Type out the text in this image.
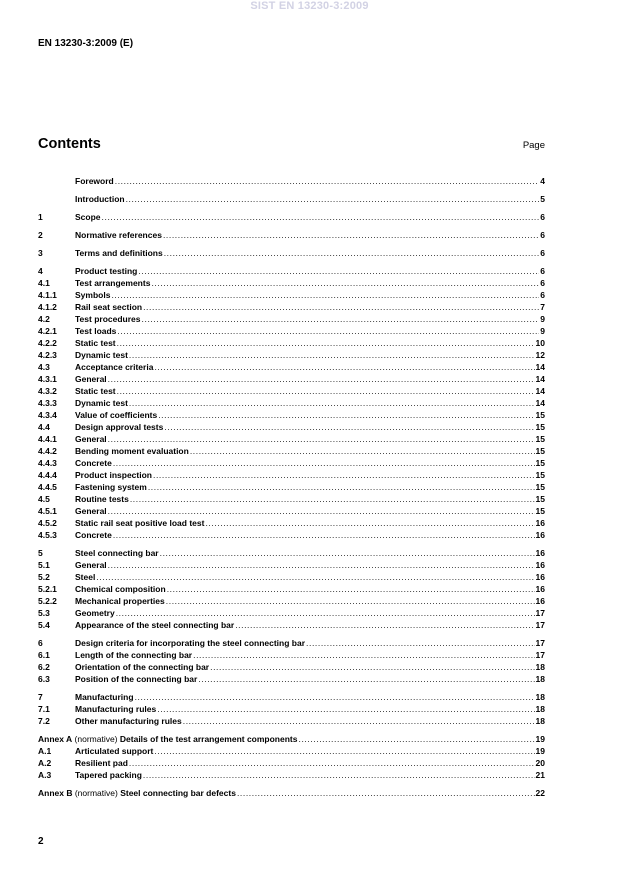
SIST EN 13230-3:2009
EN 13230-3:2009 (E)
Contents	Page
Foreword .....	4
Introduction .....	5
1	Scope .....	6
2	Normative references .....	6
3	Terms and definitions .....	6
4	Product testing .....	6
4.1	Test arrangements .....	6
4.1.1	Symbols .....	6
4.1.2	Rail seat section .....	7
4.2	Test procedures .....	9
4.2.1	Test loads .....	9
4.2.2	Static test .....	10
4.2.3	Dynamic test .....	12
4.3	Acceptance criteria .....	14
4.3.1	General .....	14
4.3.2	Static test .....	14
4.3.3	Dynamic test .....	14
4.3.4	Value of coefficients .....	15
4.4	Design approval tests .....	15
4.4.1	General .....	15
4.4.2	Bending moment evaluation .....	15
4.4.3	Concrete .....	15
4.4.4	Product inspection .....	15
4.4.5	Fastening system .....	15
4.5	Routine tests .....	15
4.5.1	General .....	15
4.5.2	Static rail seat positive load test .....	16
4.5.3	Concrete .....	16
5	Steel connecting bar .....	16
5.1	General .....	16
5.2	Steel .....	16
5.2.1	Chemical composition .....	16
5.2.2	Mechanical properties .....	16
5.3	Geometry .....	17
5.4	Appearance of the steel connecting bar .....	17
6	Design criteria for incorporating the steel connecting bar .....	17
6.1	Length of the connecting bar .....	17
6.2	Orientation of the connecting bar .....	18
6.3	Position of the connecting bar .....	18
7	Manufacturing .....	18
7.1	Manufacturing rules .....	18
7.2	Other manufacturing rules .....	18
Annex A (normative) Details of the test arrangement components .....	19
A.1	Articulated support .....	19
A.2	Resilient pad .....	20
A.3	Tapered packing .....	21
Annex B (normative) Steel connecting bar defects .....	22
2
